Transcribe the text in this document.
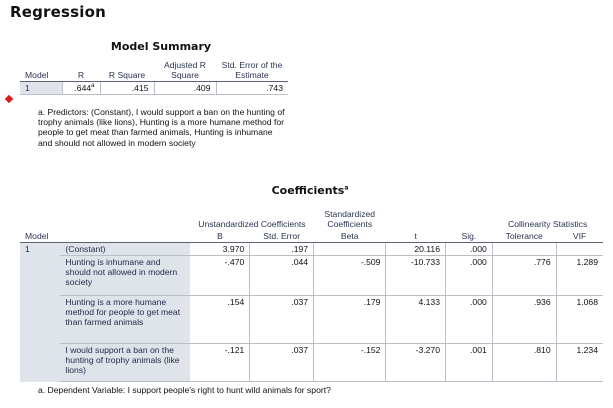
Regression
Model Summary
Model	R	R Square	Adjusted R Square	Std. Error of the Estimate
1	.644$^a$	.415	.409	.743
a. Predictors: (Constant), I would support a ban on the hunting of trophy animals (like lions), Hunting is a more humane method for people to get meat than farmed animals, Hunting is inhumane and should not allowed in modern society
Coefficients$^a$
		Unstandardized Coefficients		Standardized Coefficients			Collinearity Statistics	
Model		B	Std. Error	Beta	t	Sig.	Tolerance	VIF
1	(Constant)	3.970	.197		20.116	.000		
	Hunting is inhumane and should not allowed in modern society	-.470	.044	-.509	-10.733	.000	.776	1.289
	Hunting is a more humane method for people to get meat than farmed animals	.154	.037	.179	4.133	.000	.936	1.068
	I would support a ban on the hunting of trophy animals (like lions)	-.121	.037	-.152	-3.270	.001	.810	1.234
a. Dependent Variable: I support people's right to hunt wild animals for sport?
